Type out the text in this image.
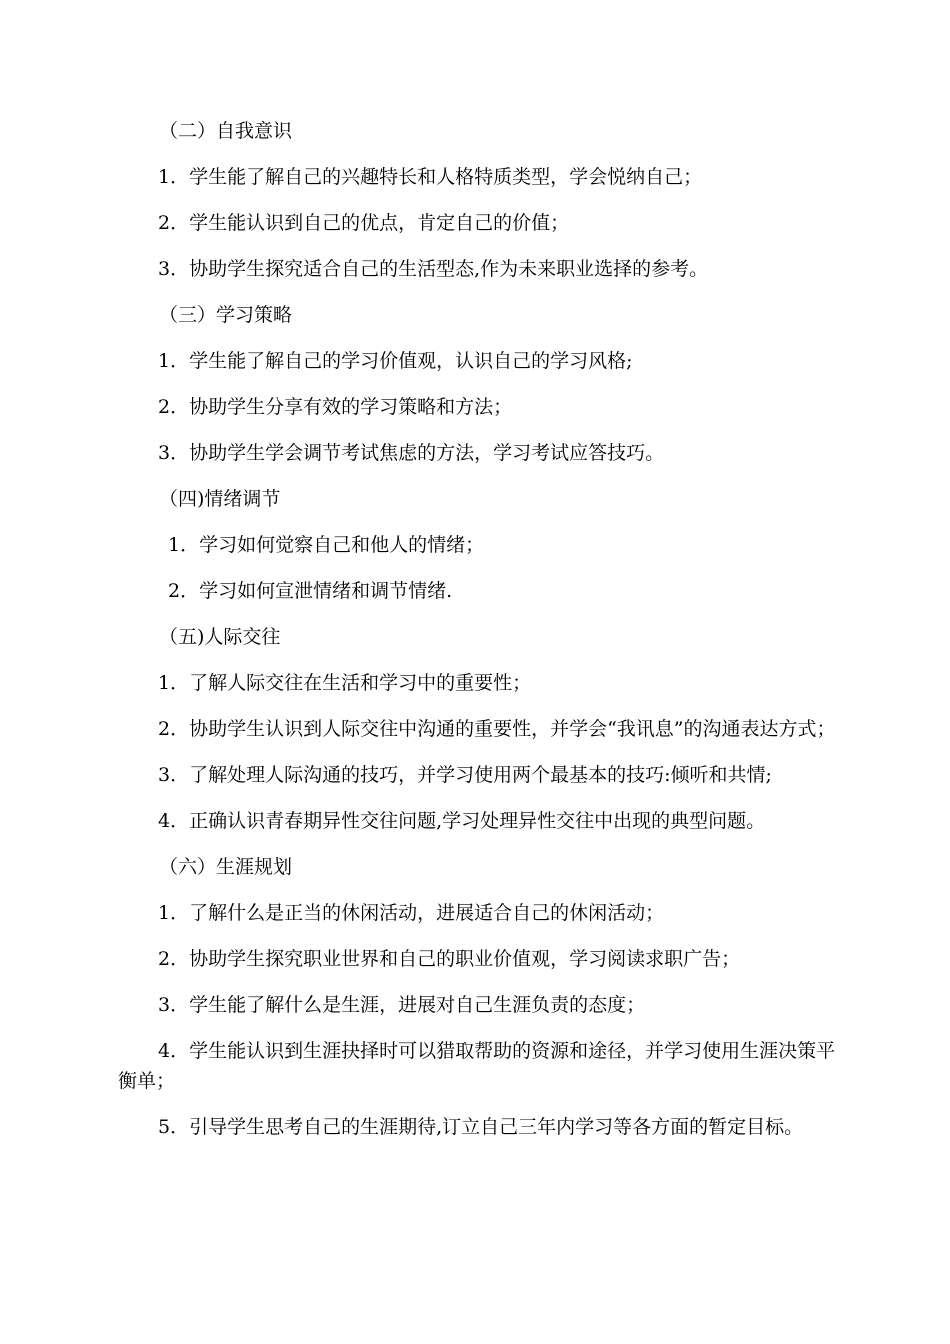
（二）自我意识

1．学生能了解自己的兴趣特长和人格特质类型，学会悦纳自己；

2．学生能认识到自己的优点，肯定自己的价值；

3．协助学生探究适合自己的生活型态,作为未来职业选择的参考。

（三）学习策略

1．学生能了解自己的学习价值观，认识自己的学习风格;

2．协助学生分享有效的学习策略和方法；

3．协助学生学会调节考试焦虑的方法，学习考试应答技巧。

（四)情绪调节

1．学习如何觉察自己和他人的情绪；

2．学习如何宣泄情绪和调节情绪.

（五)人际交往

1．了解人际交往在生活和学习中的重要性；

2．协助学生认识到人际交往中沟通的重要性，并学会“我讯息”的沟通表达方式；

3．了解处理人际沟通的技巧，并学习使用两个最基本的技巧:倾听和共情;

4．正确认识青春期异性交往问题,学习处理异性交往中出现的典型问题。

（六）生涯规划

1．了解什么是正当的休闲活动，进展适合自己的休闲活动；

2．协助学生探究职业世界和自己的职业价值观，学习阅读求职广告；

3．学生能了解什么是生涯，进展对自己生涯负责的态度；

4．学生能认识到生涯抉择时可以猎取帮助的资源和途径，并学习使用生涯决策平衡单；

5．引导学生思考自己的生涯期待,订立自己三年内学习等各方面的暂定目标。
